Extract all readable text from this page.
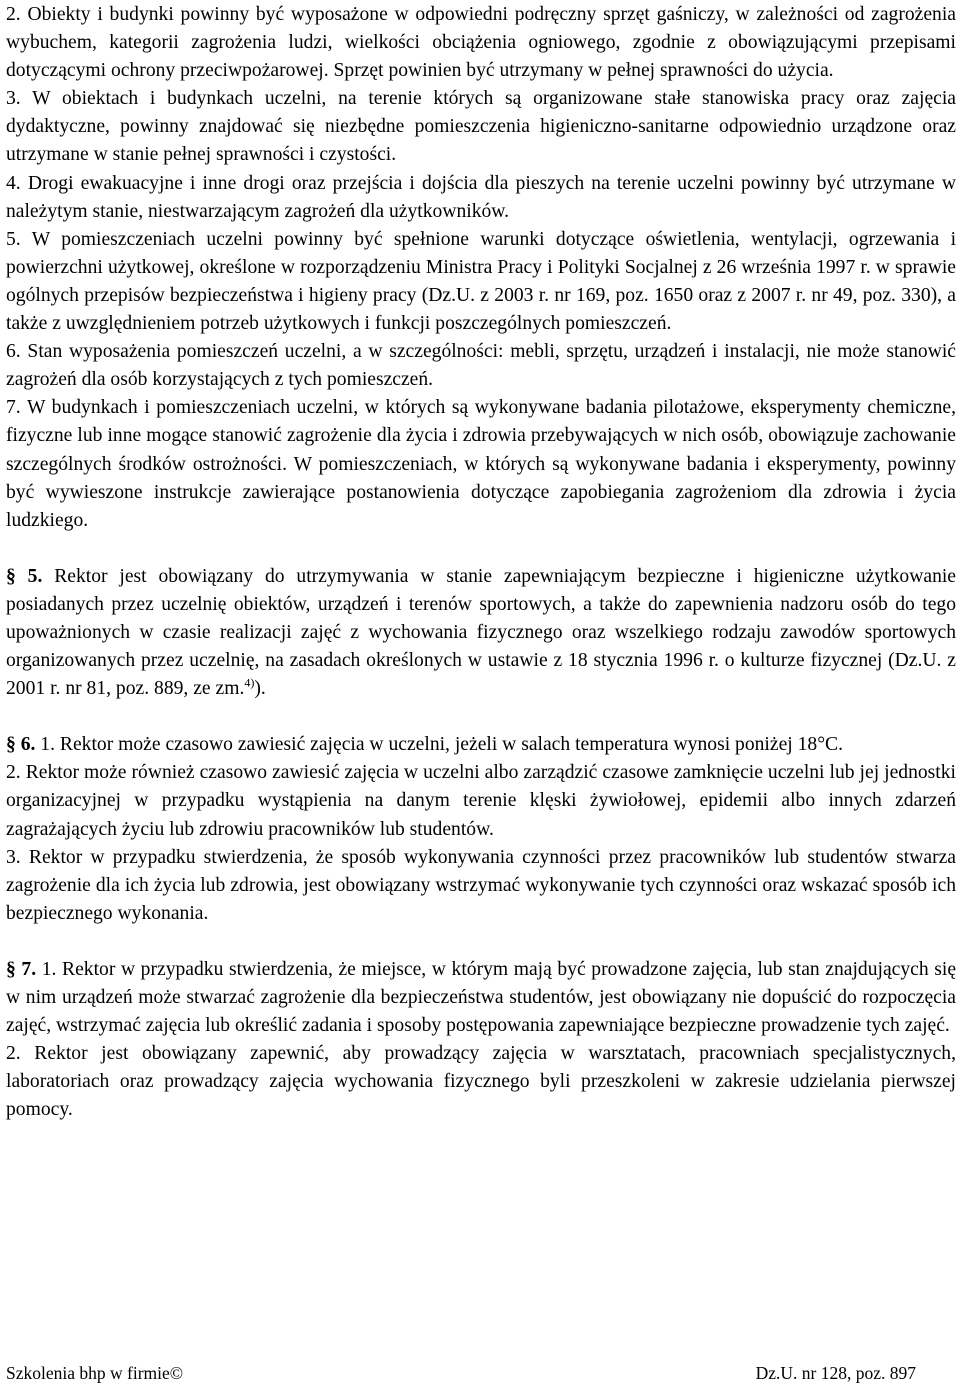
2. Obiekty i budynki powinny być wyposażone w odpowiedni podręczny sprzęt gaśniczy, w zależności od zagrożenia wybuchem, kategorii zagrożenia ludzi, wielkości obciążenia ogniowego, zgodnie z obowiązującymi przepisami dotyczącymi ochrony przeciwpożarowej. Sprzęt powinien być utrzymany w pełnej sprawności do użycia.

3. W obiektach i budynkach uczelni, na terenie których są organizowane stałe stanowiska pracy oraz zajęcia dydaktyczne, powinny znajdować się niezbędne pomieszczenia higieniczno-sanitarne odpowiednio urządzone oraz utrzymane w stanie pełnej sprawności i czystości.

4. Drogi ewakuacyjne i inne drogi oraz przejścia i dojścia dla pieszych na terenie uczelni powinny być utrzymane w należytym stanie, niestwarzającym zagrożeń dla użytkowników.

5. W pomieszczeniach uczelni powinny być spełnione warunki dotyczące oświetlenia, wentylacji, ogrzewania i powierzchni użytkowej, określone w rozporządzeniu Ministra Pracy i Polityki Socjalnej z 26 września 1997 r. w sprawie ogólnych przepisów bezpieczeństwa i higieny pracy (Dz.U. z 2003 r. nr 169, poz. 1650 oraz z 2007 r. nr 49, poz. 330), a także z uwzględnieniem potrzeb użytkowych i funkcji poszczególnych pomieszczeń.

6. Stan wyposażenia pomieszczeń uczelni, a w szczególności: mebli, sprzętu, urządzeń i instalacji, nie może stanowić zagrożeń dla osób korzystających z tych pomieszczeń.

7. W budynkach i pomieszczeniach uczelni, w których są wykonywane badania pilotażowe, eksperymenty chemiczne, fizyczne lub inne mogące stanowić zagrożenie dla życia i zdrowia przebywających w nich osób, obowiązuje zachowanie szczególnych środków ostrożności. W pomieszczeniach, w których są wykonywane badania i eksperymenty, powinny być wywieszone instrukcje zawierające postanowienia dotyczące zapobiegania zagrożeniom dla zdrowia i życia ludzkiego.

§ 5. Rektor jest obowiązany do utrzymywania w stanie zapewniającym bezpieczne i higieniczne użytkowanie posiadanych przez uczelnię obiektów, urządzeń i terenów sportowych, a także do zapewnienia nadzoru osób do tego upoważnionych w czasie realizacji zajęć z wychowania fizycznego oraz wszelkiego rodzaju zawodów sportowych organizowanych przez uczelnię, na zasadach określonych w ustawie z 18 stycznia 1996 r. o kulturze fizycznej (Dz.U. z 2001 r. nr 81, poz. 889, ze zm.$^{4)}$).

§ 6. 1. Rektor może czasowo zawiesić zajęcia w uczelni, jeżeli w salach temperatura wynosi poniżej 18°C.

2. Rektor może również czasowo zawiesić zajęcia w uczelni albo zarządzić czasowe zamknięcie uczelni lub jej jednostki organizacyjnej w przypadku wystąpienia na danym terenie klęski żywiołowej, epidemii albo innych zdarzeń zagrażających życiu lub zdrowiu pracowników lub studentów.

3. Rektor w przypadku stwierdzenia, że sposób wykonywania czynności przez pracowników lub studentów stwarza zagrożenie dla ich życia lub zdrowia, jest obowiązany wstrzymać wykonywanie tych czynności oraz wskazać sposób ich bezpiecznego wykonania.

§ 7. 1. Rektor w przypadku stwierdzenia, że miejsce, w którym mają być prowadzone zajęcia, lub stan znajdujących się w nim urządzeń może stwarzać zagrożenie dla bezpieczeństwa studentów, jest obowiązany nie dopuścić do rozpoczęcia zajęć, wstrzymać zajęcia lub określić zadania i sposoby postępowania zapewniające bezpieczne prowadzenie tych zajęć.

2. Rektor jest obowiązany zapewnić, aby prowadzący zajęcia w warsztatach, pracowniach specjalistycznych, laboratoriach oraz prowadzący zajęcia wychowania fizycznego byli przeszkoleni w zakresie udzielania pierwszej pomocy.

Szkolenia bhp w firmie©	Dz.U. nr 128, poz. 897
